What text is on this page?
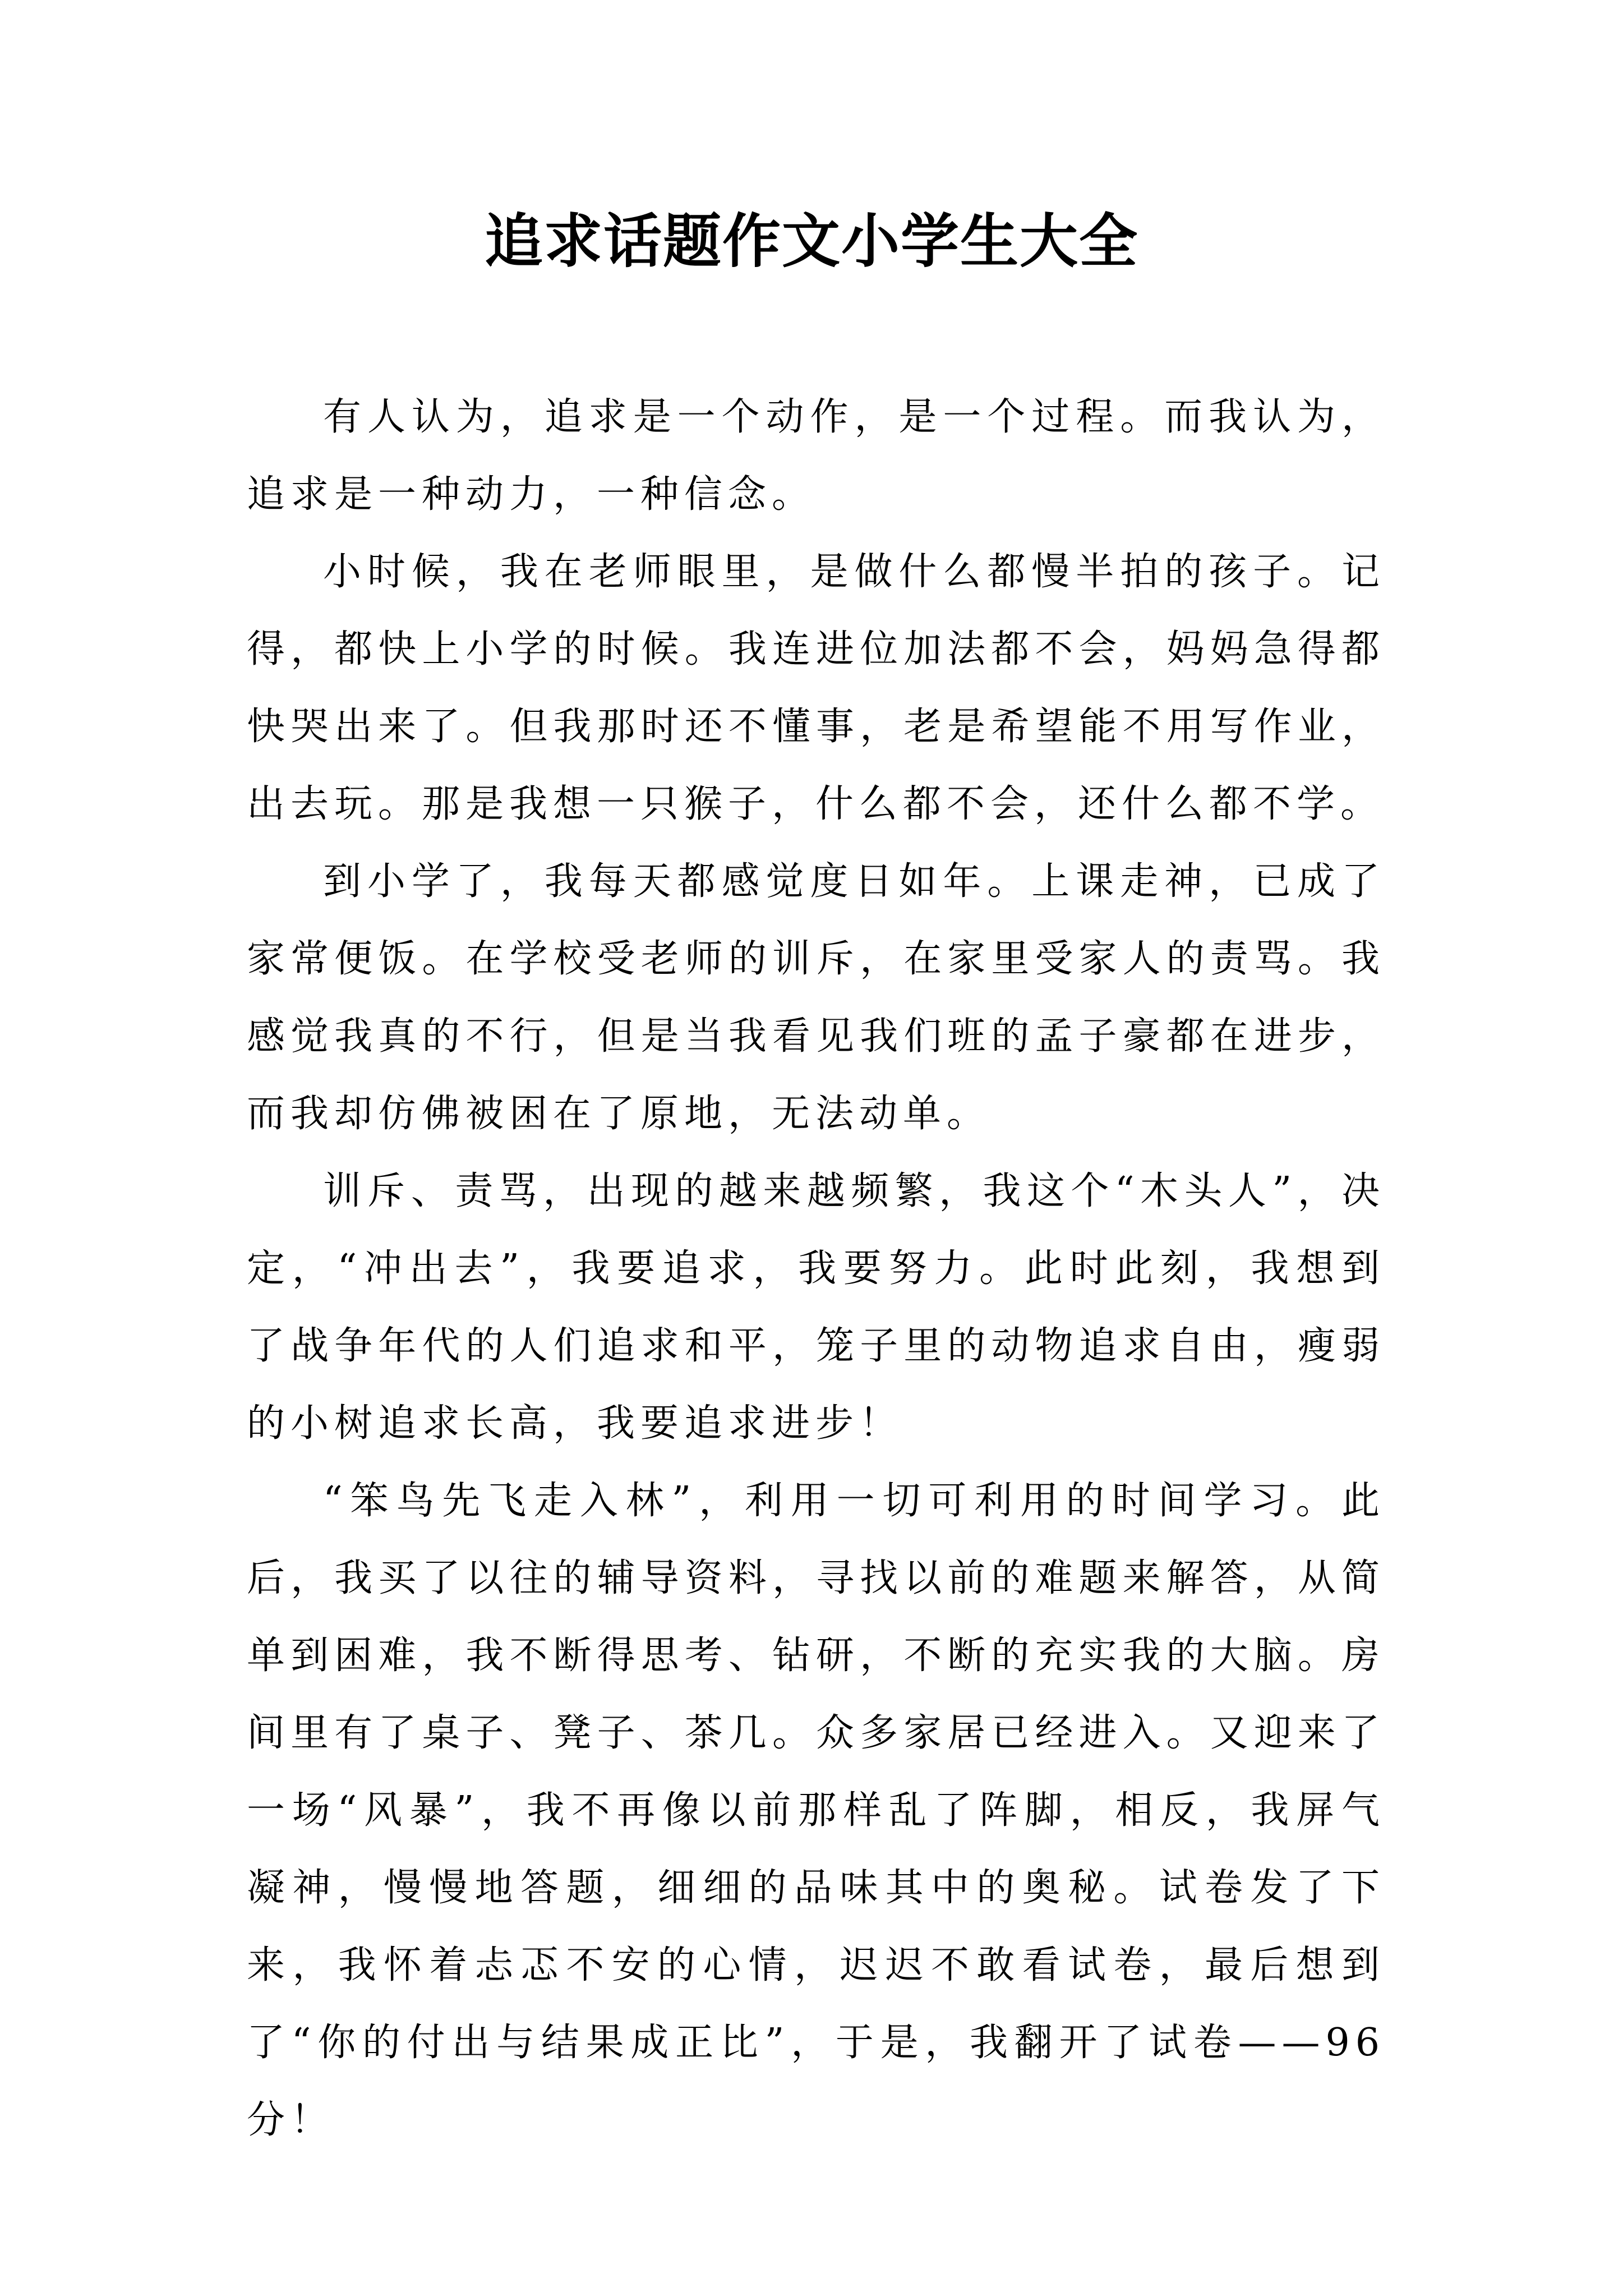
追求话题作文小学生大全

有人认为，追求是一个动作，是一个过程。而我认为，追求是一种动力，一种信念。

小时候，我在老师眼里，是做什么都慢半拍的孩子。记得，都快上小学的时候。我连进位加法都不会，妈妈急得都快哭出来了。但我那时还不懂事，老是希望能不用写作业，出去玩。那是我想一只猴子，什么都不会，还什么都不学。

到小学了，我每天都感觉度日如年。上课走神，已成了家常便饭。在学校受老师的训斥，在家里受家人的责骂。我感觉我真的不行，但是当我看见我们班的孟子豪都在进步，而我却仿佛被困在了原地，无法动单。

训斥、责骂，出现的越来越频繁，我这个“木头人”，决定，“冲出去”，我要追求，我要努力。此时此刻，我想到了战争年代的人们追求和平，笼子里的动物追求自由，瘦弱的小树追求长高，我要追求进步！

“笨鸟先飞走入林”，利用一切可利用的时间学习。此后，我买了以往的辅导资料，寻找以前的难题来解答，从简单到困难，我不断得思考、钻研，不断的充实我的大脑。房间里有了桌子、凳子、茶几。众多家居已经进入。又迎来了一场“风暴”，我不再像以前那样乱了阵脚，相反，我屏气凝神，慢慢地答题，细细的品味其中的奥秘。试卷发了下来，我怀着忐忑不安的心情，迟迟不敢看试卷，最后想到了“你的付出与结果成正比”，于是，我翻开了试卷——96分！
